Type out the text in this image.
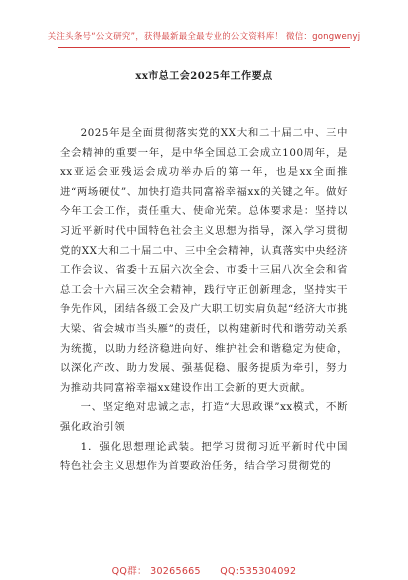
关注头条号“公文研究”，获得最新最全最专业的公文资料库！ 微信：gongwenyj
xx市总工会2025年工作要点

2025年是全面贯彻落实党的XX大和二十届二中、三中全会精神的重要一年，是中华全国总工会成立100周年，是xx亚运会亚残运会成功举办后的第一年，也是xx全面推进“两场硬仗”、加快打造共同富裕幸福xx的关键之年。做好今年工会工作，责任重大、使命光荣。总体要求是：坚持以习近平新时代中国特色社会主义思想为指导，深入学习贯彻党的XX大和二十届二中、三中全会精神，认真落实中央经济工作会议、省委十五届六次全会、市委十三届八次全会和省总工会十六届三次全会精神，践行守正创新理念，坚持实干争先作风，团结各级工会及广大职工切实肩负起“经济大市挑大梁、省会城市当头雁”的责任，以构建新时代和谐劳动关系为统揽，以助力经济稳进向好、维护社会和谐稳定为使命，以深化产改、助力发展、强基促稳、服务提质为牵引，努力为推动共同富裕幸福xx建设作出工会新的更大贡献。

一、坚定绝对忠诚之志，打造“大思政课”xx模式，不断强化政治引领

1．强化思想理论武装。把学习贯彻习近平新时代中国特色社会主义思想作为首要政治任务，结合学习贯彻党的

QQ群： 30265665 QQ:535304092
